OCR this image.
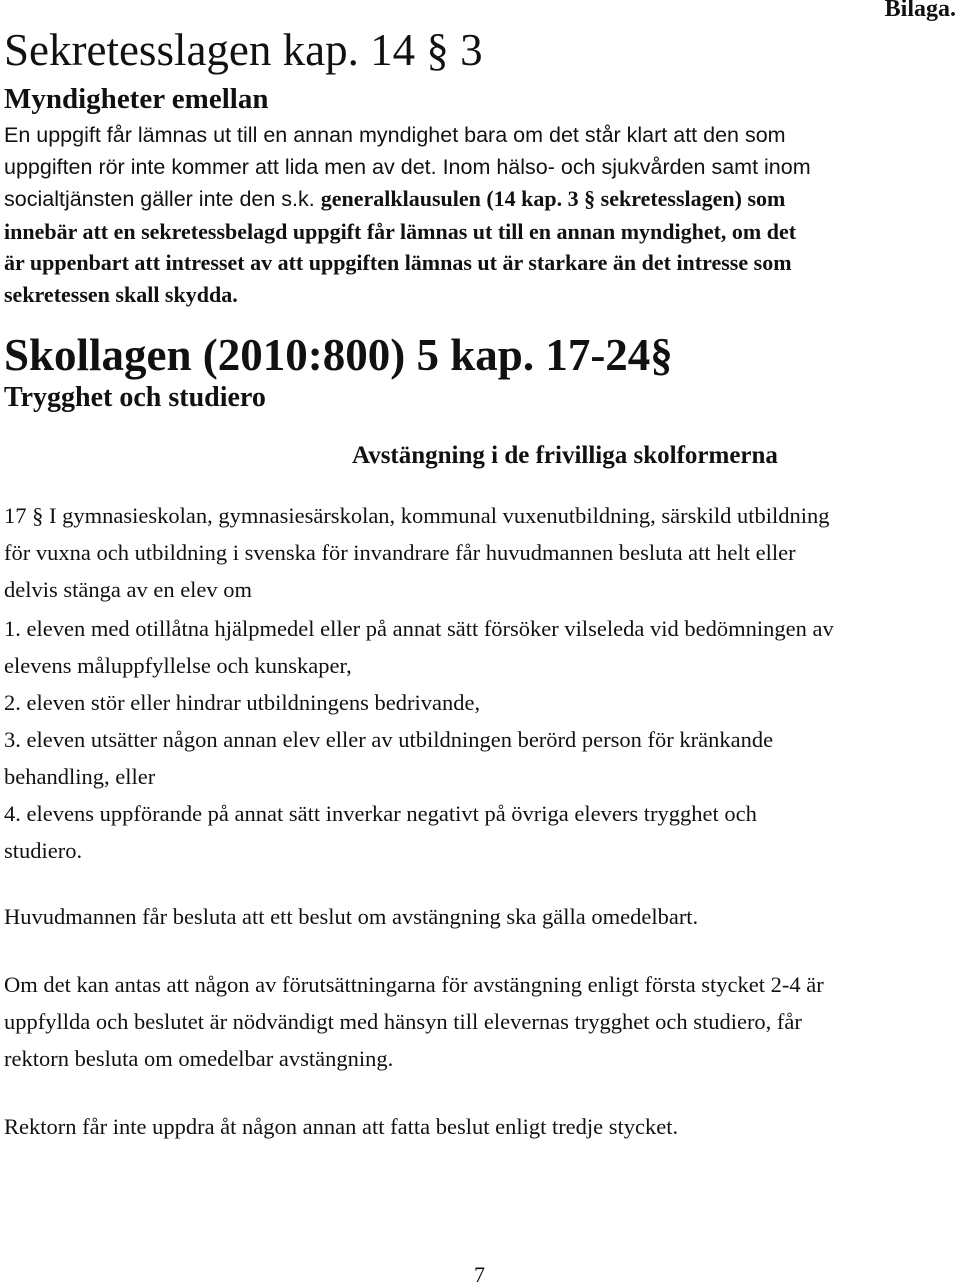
Bilaga.
Sekretesslagen kap. 14 § 3
Myndigheter emellan
En uppgift får lämnas ut till en annan myndighet bara om det står klart att den som
uppgiften rör inte kommer att lida men av det. Inom hälso- och sjukvården samt inom
socialtjänsten gäller inte den s.k. generalklausulen (14 kap. 3 § sekretesslagen) som
innebär att en sekretessbelagd uppgift får lämnas ut till en annan myndighet, om det
är uppenbart att intresset av att uppgiften lämnas ut är starkare än det intresse som
sekretessen skall skydda.
Skollagen (2010:800) 5 kap. 17-24§
Trygghet och studiero
Avstängning i de frivilliga skolformerna
17 § I gymnasieskolan, gymnasiesärskolan, kommunal vuxenutbildning, särskild utbildning
för vuxna och utbildning i svenska för invandrare får huvudmannen besluta att helt eller
delvis stänga av en elev om
1. eleven med otillåtna hjälpmedel eller på annat sätt försöker vilseleda vid bedömningen av
elevens måluppfyllelse och kunskaper,
2. eleven stör eller hindrar utbildningens bedrivande,
3. eleven utsätter någon annan elev eller av utbildningen berörd person för kränkande
behandling, eller
4. elevens uppförande på annat sätt inverkar negativt på övriga elevers trygghet och
studiero.
Huvudmannen får besluta att ett beslut om avstängning ska gälla omedelbart.
Om det kan antas att någon av förutsättningarna för avstängning enligt första stycket 2-4 är
uppfyllda och beslutet är nödvändigt med hänsyn till elevernas trygghet och studiero, får
rektorn besluta om omedelbar avstängning.
Rektorn får inte uppdra åt någon annan att fatta beslut enligt tredje stycket.
7
